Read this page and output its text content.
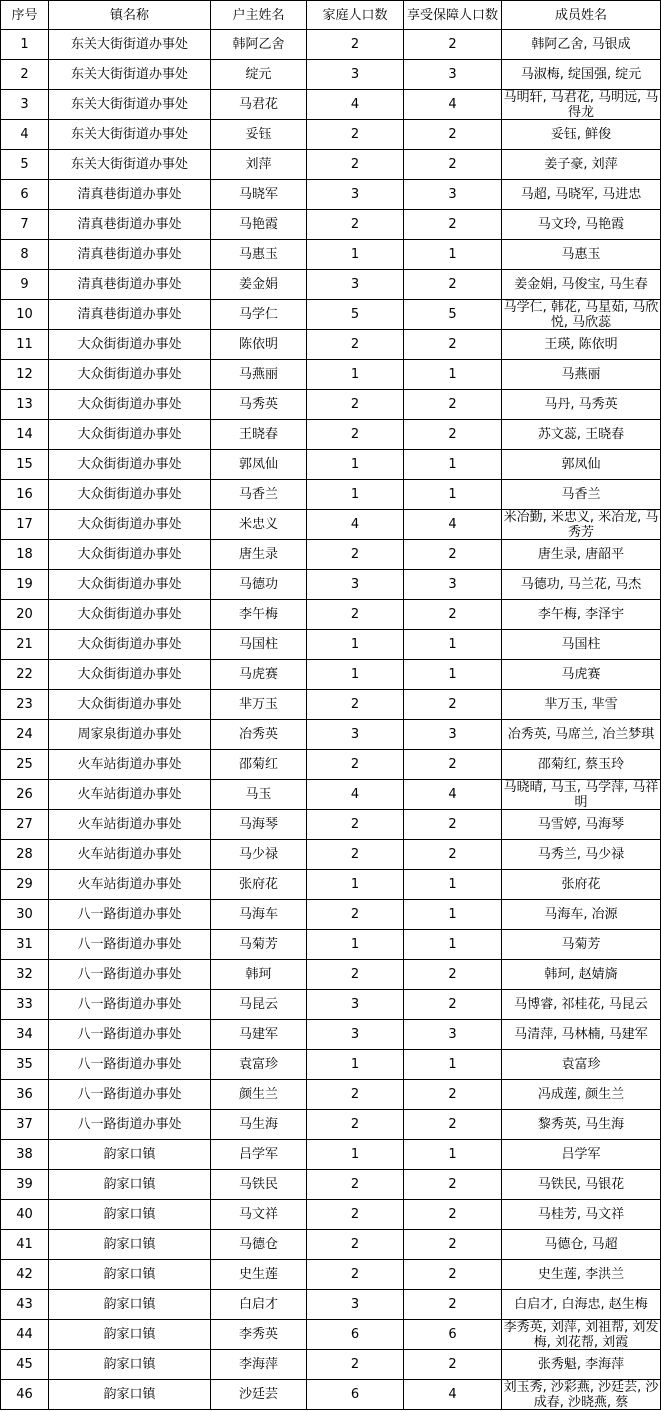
序号	镇名称	户主姓名	家庭人口数	享受保障人口数	成员姓名

1	东关大街街道办事处	韩阿乙舍	2	2	韩阿乙舍, 马银成

2	东关大街街道办事处	绽元	3	3	马淑梅, 绽国强, 绽元

3	东关大街街道办事处	马君花	4	4	马明轩, 马君花, 马明远, 马得龙

4	东关大街街道办事处	妥钰	2	2	妥钰, 鲜俊

5	东关大街街道办事处	刘萍	2	2	姜子豪, 刘萍

6	清真巷街道办事处	马晓军	3	3	马超, 马晓军, 马进忠

7	清真巷街道办事处	马艳霞	2	2	马文玲, 马艳霞

8	清真巷街道办事处	马惠玉	1	1	马惠玉

9	清真巷街道办事处	姜金娟	3	2	姜金娟, 马俊宝, 马生春

10	清真巷街道办事处	马学仁	5	5	马学仁, 韩花, 马星茹, 马欣悦, 马欣蕊

11	大众街街道办事处	陈依明	2	2	王瑛, 陈依明

12	大众街街道办事处	马燕丽	1	1	马燕丽

13	大众街街道办事处	马秀英	2	2	马丹, 马秀英

14	大众街街道办事处	王晓春	2	2	苏文蕊, 王晓春

15	大众街街道办事处	郭凤仙	1	1	郭凤仙

16	大众街街道办事处	马香兰	1	1	马香兰

17	大众街街道办事处	米忠义	4	4	米冶勤, 米忠义, 米冶龙, 马秀芳

18	大众街街道办事处	唐生录	2	2	唐生录, 唐韶平

19	大众街街道办事处	马德功	3	3	马德功, 马兰花, 马杰

20	大众街街道办事处	李午梅	2	2	李午梅, 李泽宇

21	大众街街道办事处	马国柱	1	1	马国柱

22	大众街街道办事处	马虎赛	1	1	马虎赛

23	大众街街道办事处	芈万玉	2	2	芈万玉, 芈雪

24	周家泉街道办事处	冶秀英	3	3	冶秀英, 马席兰, 冶兰梦琪

25	火车站街道办事处	邵菊红	2	2	邵菊红, 蔡玉玲

26	火车站街道办事处	马玉	4	4	马晓晴, 马玉, 马学萍, 马祥明

27	火车站街道办事处	马海琴	2	2	马雪婷, 马海琴

28	火车站街道办事处	马少禄	2	2	马秀兰, 马少禄

29	火车站街道办事处	张府花	1	1	张府花

30	八一路街道办事处	马海车	2	1	马海车, 冶源

31	八一路街道办事处	马菊芳	1	1	马菊芳

32	八一路街道办事处	韩珂	2	2	韩珂, 赵婧旖

33	八一路街道办事处	马昆云	3	2	马博睿, 祁桂花, 马昆云

34	八一路街道办事处	马建军	3	3	马清萍, 马林楠, 马建军

35	八一路街道办事处	袁富珍	1	1	袁富珍

36	八一路街道办事处	颜生兰	2	2	冯成莲, 颜生兰

37	八一路街道办事处	马生海	2	2	黎秀英, 马生海

38	韵家口镇	吕学军	1	1	吕学军

39	韵家口镇	马铁民	2	2	马铁民, 马银花

40	韵家口镇	马文祥	2	2	马桂芳, 马文祥

41	韵家口镇	马德仓	2	2	马德仓, 马超

42	韵家口镇	史生莲	2	2	史生莲, 李洪兰

43	韵家口镇	白启才	3	2	白启才, 白海忠, 赵生梅

44	韵家口镇	李秀英	6	6	李秀英, 刘萍, 刘祖帮, 刘发梅, 刘花帮, 刘霞

45	韵家口镇	李海萍	2	2	张秀魁, 李海萍

46	韵家口镇	沙廷芸	6	4	刘玉秀, 沙彩燕, 沙廷芸, 沙成春, 沙晓燕, 蔡
